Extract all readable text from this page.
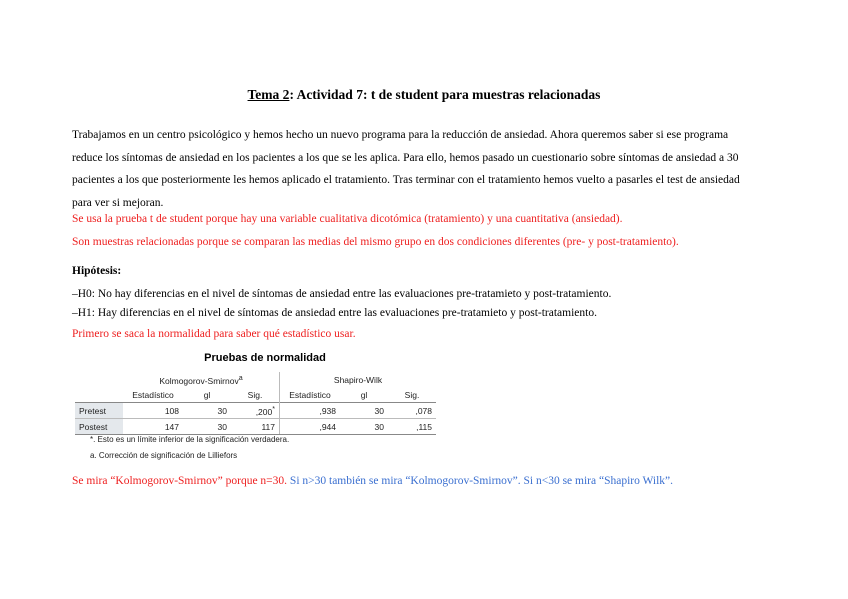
Tema 2: Actividad 7: t de student para muestras relacionadas
Trabajamos en un centro psicológico y hemos hecho un nuevo programa para la reducción de ansiedad. Ahora queremos saber si ese programa
reduce los síntomas de ansiedad en los pacientes a los que se les aplica. Para ello, hemos pasado un cuestionario sobre síntomas de ansiedad a 30
pacientes a los que posteriormente les hemos aplicado el tratamiento. Tras terminar con el tratamiento hemos vuelto a pasarles el test de ansiedad
para ver si mejoran.
Se usa la prueba t de student porque hay una variable cualitativa dicotómica (tratamiento) y una cuantitativa (ansiedad).
Son muestras relacionadas porque se comparan las medias del mismo grupo en dos condiciones diferentes (pre- y post-tratamiento).
Hipótesis:
–H0: No hay diferencias en el nivel de síntomas de ansiedad entre las evaluaciones pre-tratamieto y post-tratamiento.
–H1: Hay diferencias en el nivel de síntomas de ansiedad entre las evaluaciones pre-tratamieto y post-tratamiento.
Primero se saca la normalidad para saber qué estadístico usar.
Pruebas de normalidad
	Kolmogorov-Smirnov$^a$			Shapiro-Wilk		
	Estadístico	gl	Sig.	Estadístico	gl	Sig.
Pretest	108	30	,200*	,938	30	,078
Postest	147	30	117	,944	30	,115
*. Esto es un límite inferior de la significación verdadera.
a. Corrección de significación de Lilliefors
Se mira “Kolmogorov-Smirnov” porque n=30. Si n>30 también se mira “Kolmogorov-Smirnov”. Si n<30 se mira “Shapiro Wilk”.
